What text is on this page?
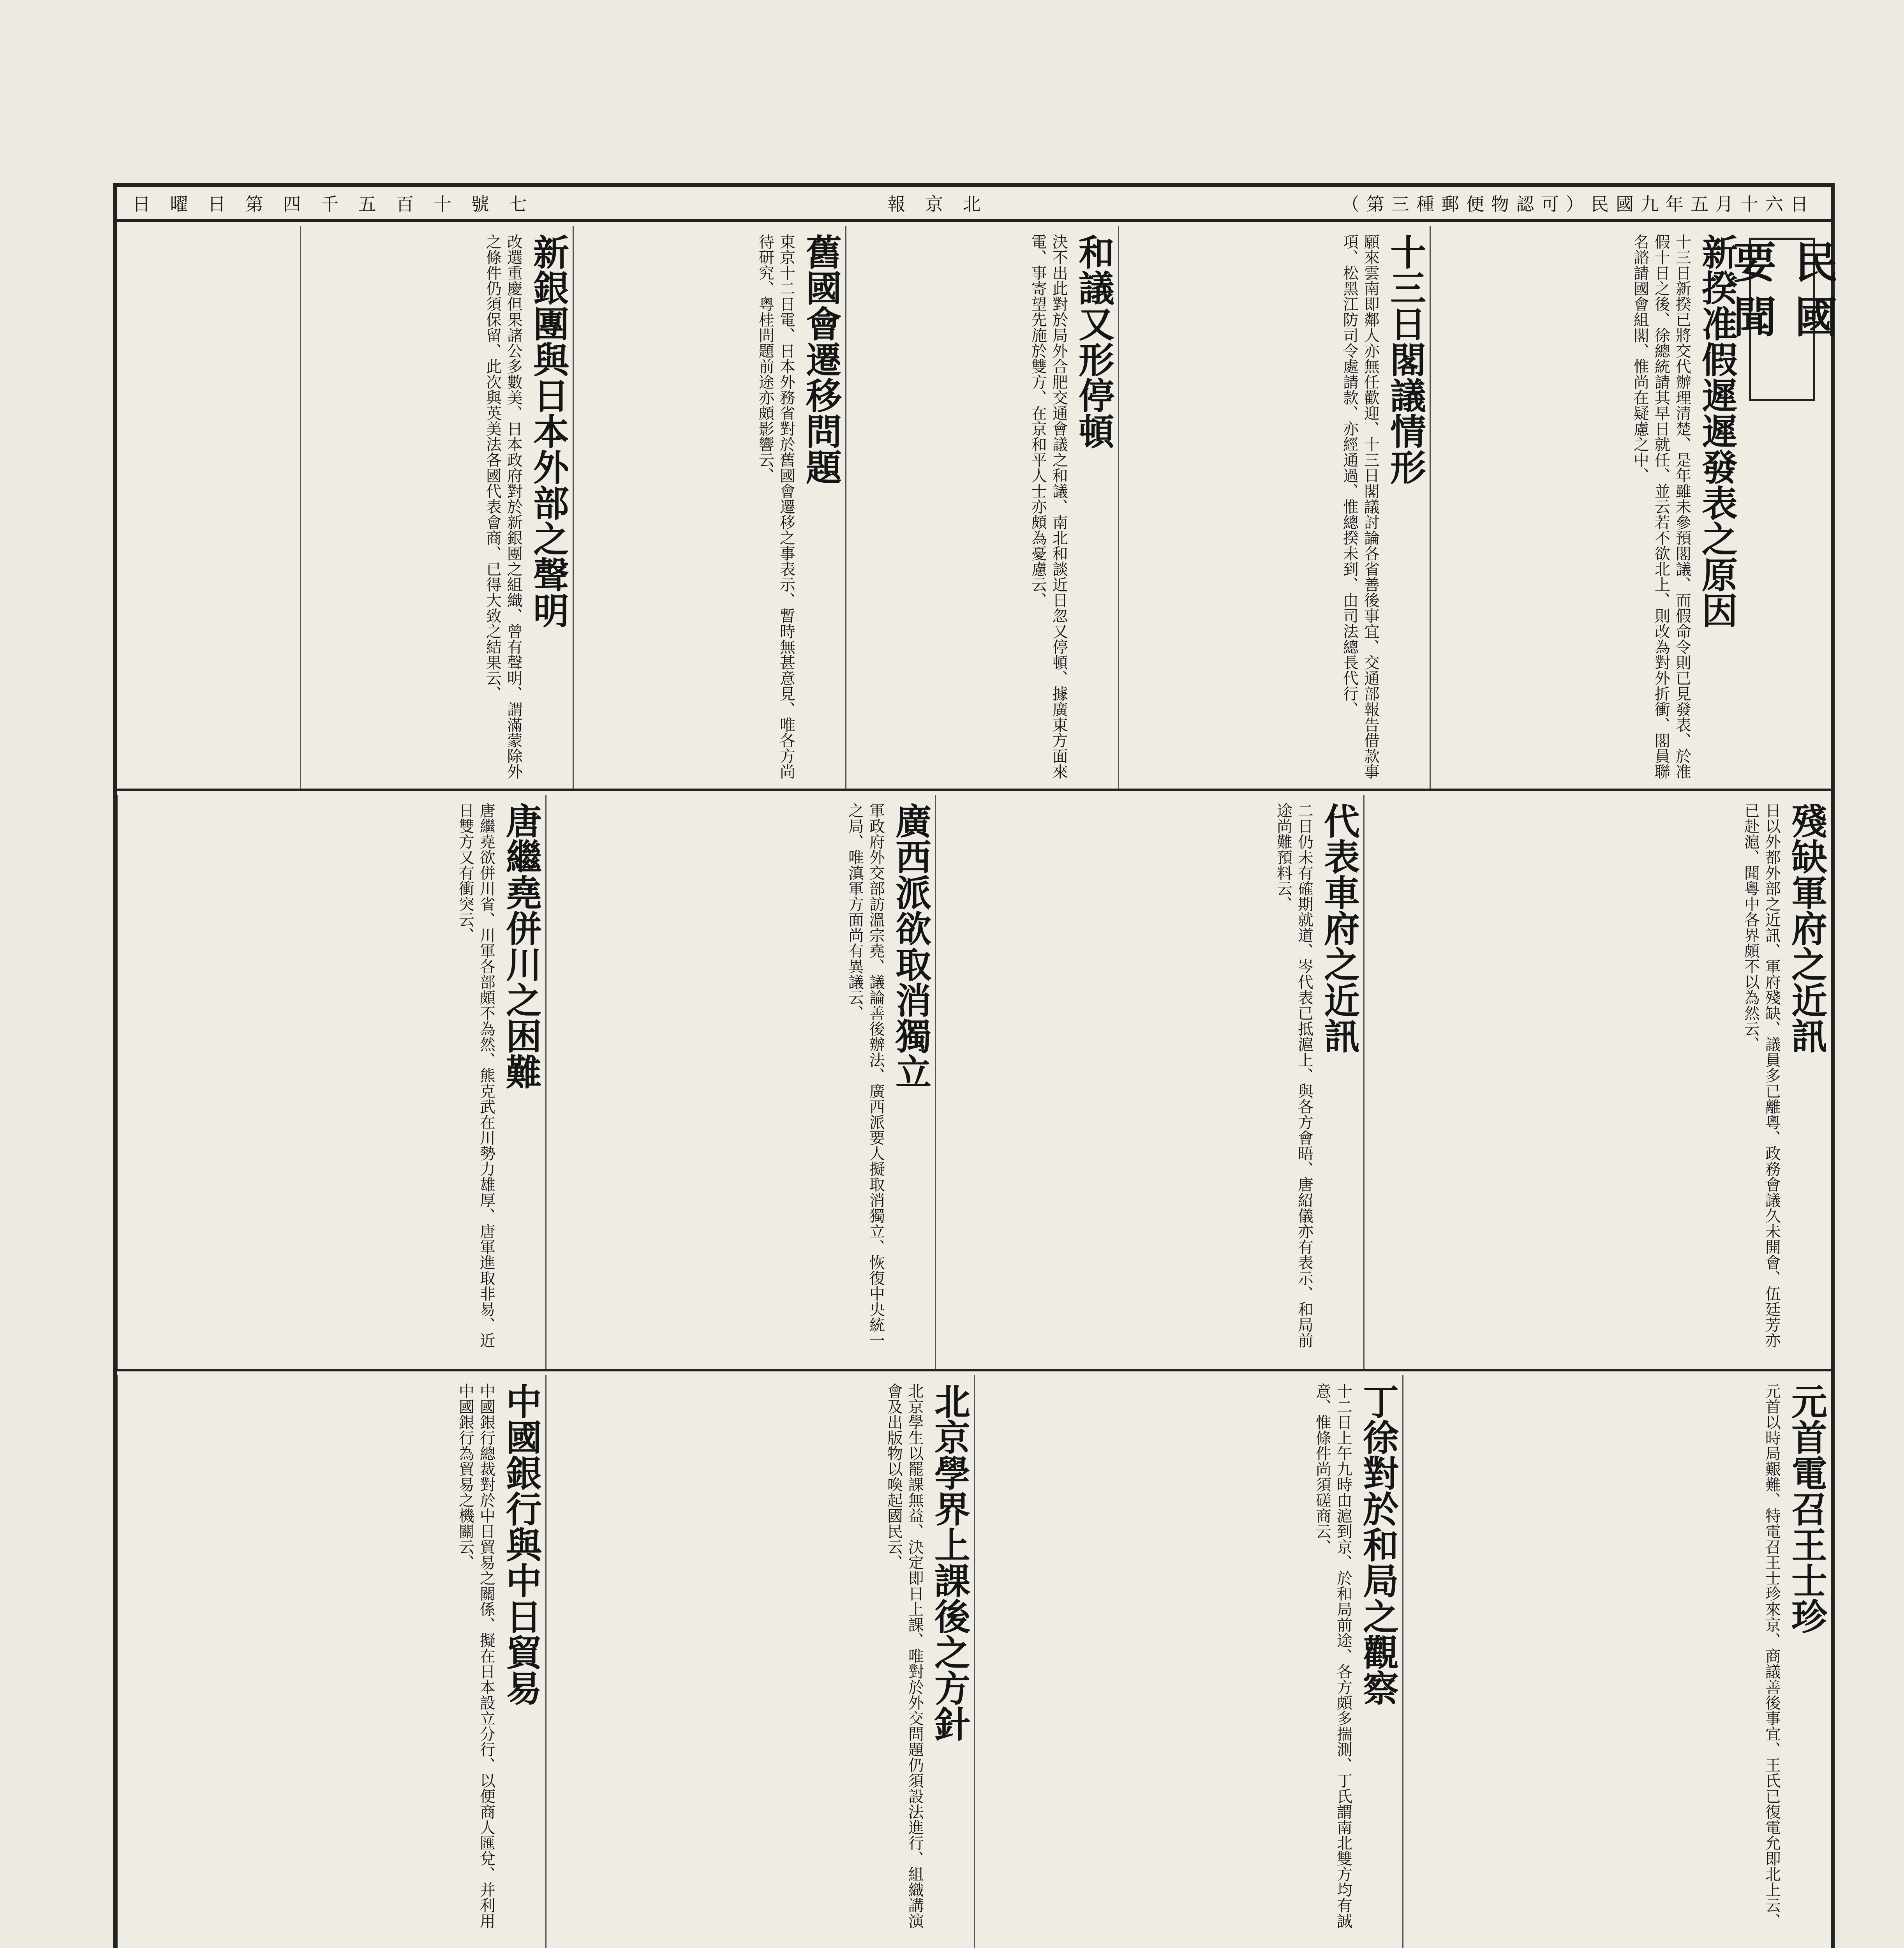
（第三種郵便物認可）民國九年五月十六日
報 京 北
日 曜 日 第 四 千 五 百 十 號 七
民國要聞
新揆准假遲遲發表之原因
十三日新揆已將交代辦理清楚、是年雖未參預閣議、而假命令則已見發表、於准假十日之後、徐總統請其早日就任、並云若不欲北上、則改為對外折衝、閣員聯名諮請國會組閣、惟尚在疑慮之中、
十三日閣議情形
願來雲南即鄰人亦無任歡迎、十三日閣議討論各省善後事宜、交通部報告借款事項、松黑江防司令處請款、亦經通過、惟總揆未到、由司法總長代行、
和議又形停頓
決不出此對於局外合肥交通會議之和議、南北和談近日忽又停頓、據廣東方面來電、事寄望先施於雙方、在京和平人士亦頗為憂慮云、
舊國會遷移問題
東京十二日電、日本外務省對於舊國會遷移之事表示、暫時無甚意見、唯各方尚待研究、粵桂問題前途亦頗影響云、
新銀團與日本外部之聲明
改選重慶但果諸公多數美、日本政府對於新銀團之組織、曾有聲明、謂滿蒙除外之條件仍須保留、此次與英美法各國代表會商、已得大致之結果云、
殘缺軍府之近訊
日以外都外部之近訊、軍府殘缺、議員多已離粵、政務會議久未開會、伍廷芳亦已赴滬、聞粵中各界頗不以為然云、
代表車府之近訊
二日仍未有確期就道、岑代表已抵滬上、與各方會晤、唐紹儀亦有表示、和局前途尚難預料云、
廣西派欲取消獨立
軍政府外交部訪溫宗堯、議論善後辦法、廣西派要人擬取消獨立、恢復中央統一之局、唯滇軍方面尚有異議云、
唐繼堯併川之困難
唐繼堯欲併川省、川軍各部頗不為然、熊克武在川勢力雄厚、唐軍進取非易、近日雙方又有衝突云、
元首電召王士珍
元首以時局艱難、特電召王士珍來京、商議善後事宜、王氏已復電允即北上云、
丁徐對於和局之觀察
十二日上午九時由滬到京、於和局前途、各方頗多揣測、丁氏謂南北雙方均有誠意、惟條件尚須磋商云、
北京學界上課後之方針
北京學生以罷課無益、決定即日上課、唯對於外交問題仍須設法進行、組織講演會及出版物以喚起國民云、
中國銀行與中日貿易
中國銀行總裁對於中日貿易之關係、擬在日本設立分行、以便商人匯兌、并利用中國銀行為貿易之機關云、
